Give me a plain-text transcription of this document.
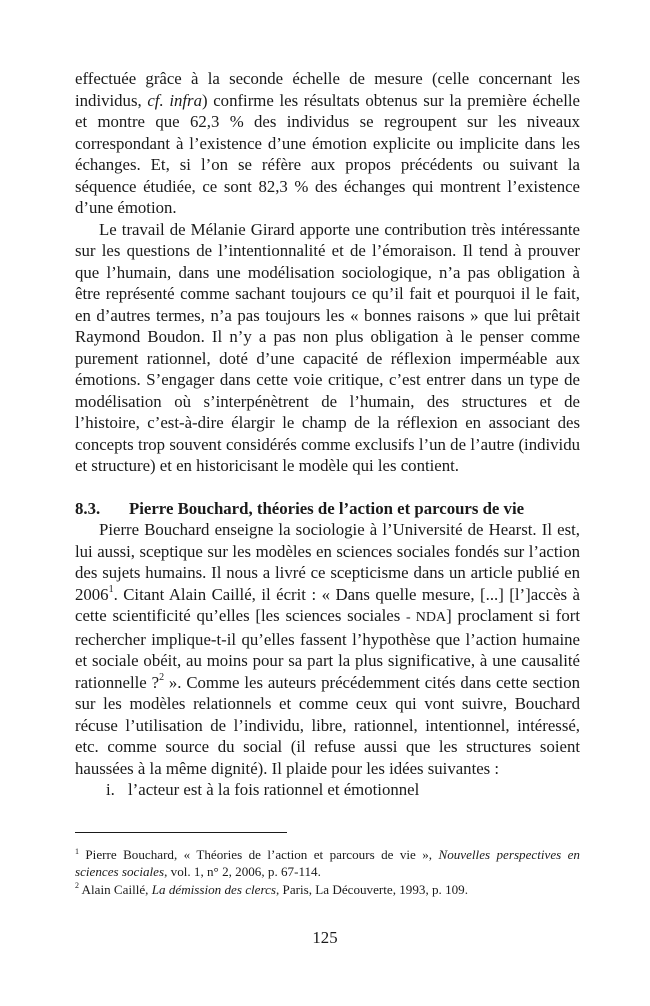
effectuée grâce à la seconde échelle de mesure (celle concernant les individus, cf. infra) confirme les résultats obtenus sur la première échelle et montre que 62,3 % des individus se regroupent sur les niveaux correspondant à l’existence d’une émotion explicite ou implicite dans les échanges. Et, si l’on se réfère aux propos précédents ou suivant la séquence étudiée, ce sont 82,3 % des échanges qui montrent l’existence d’une émotion.

Le travail de Mélanie Girard apporte une contribution très intéressante sur les questions de l’intentionnalité et de l’émoraison. Il tend à prouver que l’humain, dans une modélisation sociologique, n’a pas obligation à être représenté comme sachant toujours ce qu’il fait et pourquoi il le fait, en d’autres termes, n’a pas toujours les « bonnes raisons » que lui prêtait Raymond Boudon. Il n’y a pas non plus obligation à le penser comme purement rationnel, doté d’une capacité de réflexion imperméable aux émotions. S’engager dans cette voie critique, c’est entrer dans un type de modélisation où s’interpénètrent de l’humain, des structures et de l’histoire, c’est-à-dire élargir le champ de la réflexion en associant des concepts trop souvent considérés comme exclusifs l’un de l’autre (individu et structure) et en historicisant le modèle qui les contient.

8.3. Pierre Bouchard, théories de l’action et parcours de vie

Pierre Bouchard enseigne la sociologie à l’Université de Hearst. Il est, lui aussi, sceptique sur les modèles en sciences sociales fondés sur l’action des sujets humains. Il nous a livré ce scepticisme dans un article publié en 2006$^1$. Citant Alain Caillé, il écrit : « Dans quelle mesure, [...] [l’]accès à cette scientificité qu’elles [les sciences sociales - NDA] proclament si fort rechercher implique-t-il qu’elles fassent l’hypothèse que l’action humaine et sociale obéit, au moins pour sa part la plus significative, à une causalité rationnelle ?$^2$ ». Comme les auteurs précédemment cités dans cette section sur les modèles relationnels et comme ceux qui vont suivre, Bouchard récuse l’utilisation de l’individu, libre, rationnel, intentionnel, intéressé, etc. comme source du social (il refuse aussi que les structures soient haussées à la même dignité). Il plaide pour les idées suivantes :

i. l’acteur est à la fois rationnel et émotionnel

$^1$ Pierre Bouchard, « Théories de l’action et parcours de vie », Nouvelles perspectives en sciences sociales, vol. 1, n° 2, 2006, p. 67-114.

$^2$ Alain Caillé, La démission des clercs, Paris, La Découverte, 1993, p. 109.

125
